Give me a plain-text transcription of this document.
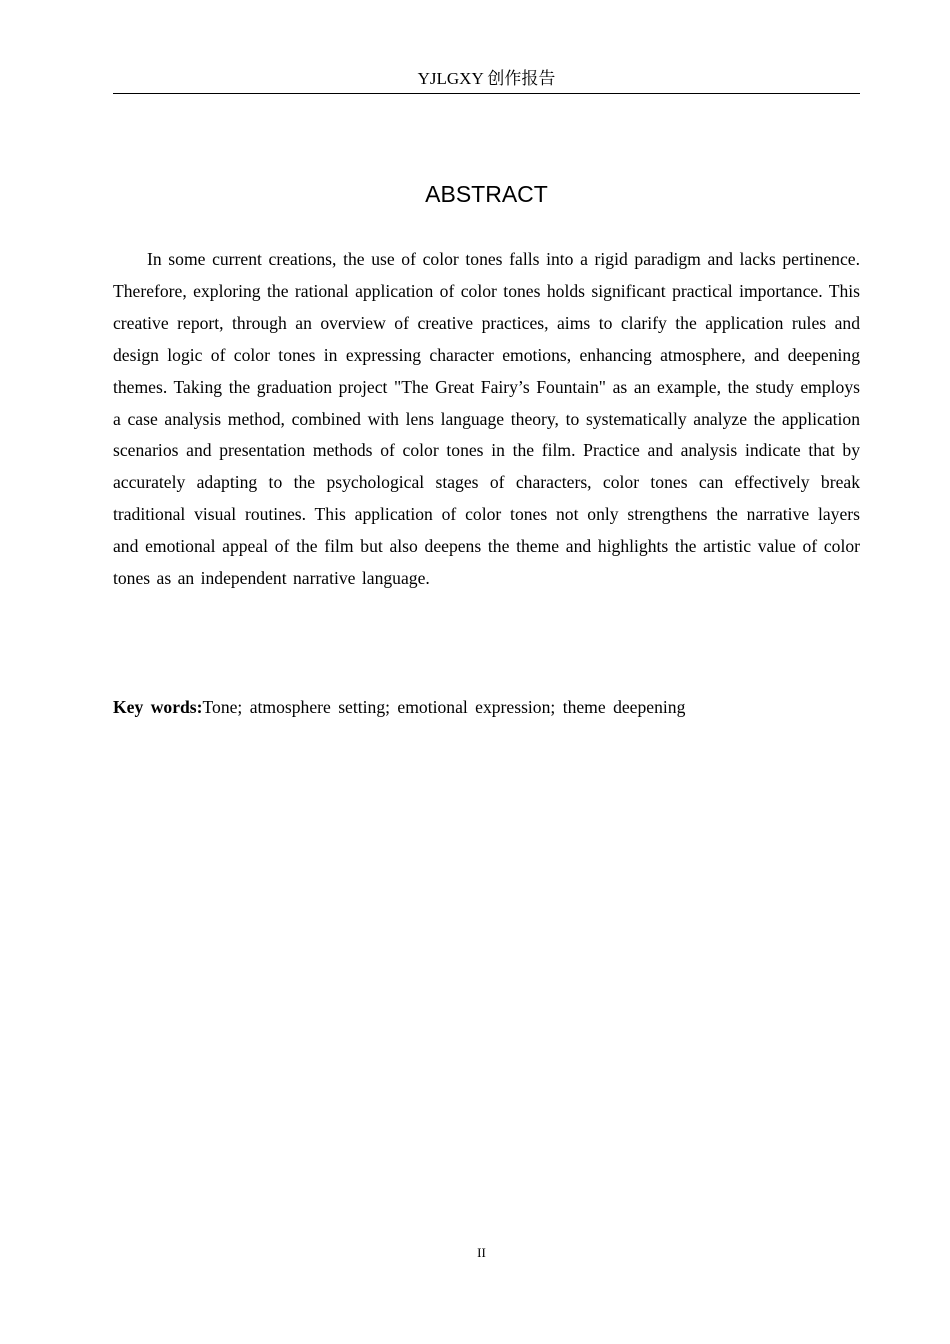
YJLGXY 创作报告
ABSTRACT

In some current creations, the use of color tones falls into a rigid paradigm and lacks pertinence. Therefore, exploring the rational application of color tones holds significant practical importance. This creative report, through an overview of creative practices, aims to clarify the application rules and design logic of color tones in expressing character emotions, enhancing atmosphere, and deepening themes. Taking the graduation project "The Great Fairy’s Fountain" as an example, the study employs a case analysis method, combined with lens language theory, to systematically analyze the application scenarios and presentation methods of color tones in the film. Practice and analysis indicate that by accurately adapting to the psychological stages of characters, color tones can effectively break traditional visual routines. This application of color tones not only strengthens the narrative layers and emotional appeal of the film but also deepens the theme and highlights the artistic value of color tones as an independent narrative language.

Key words:Tone; atmosphere setting; emotional expression; theme deepening

II
